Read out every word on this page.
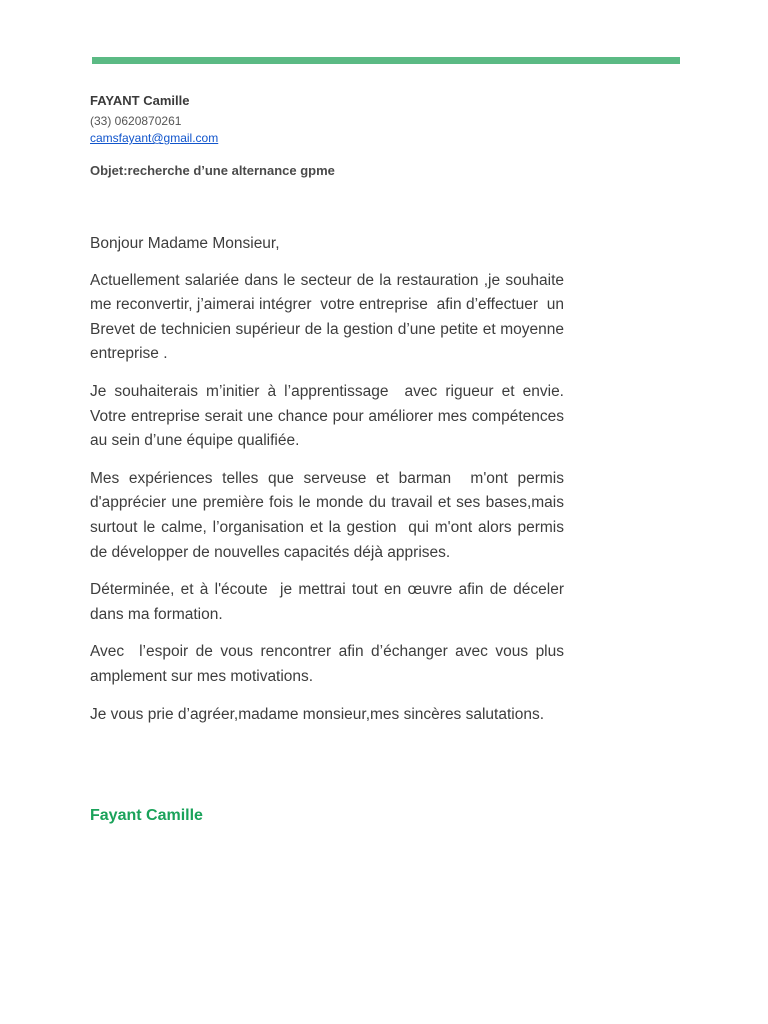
FAYANT Camille
(33) 0620870261
camsfayant@gmail.com
Objet:recherche d’une alternance gpme

Bonjour Madame Monsieur,

Actuellement salariée dans le secteur de la restauration ,je souhaite me reconvertir, j’aimerai intégrer  votre entreprise  afin d’effectuer  un Brevet de technicien supérieur de la gestion d’une petite et moyenne entreprise .

Je souhaiterais m’initier à l’apprentissage  avec rigueur et envie. Votre entreprise serait une chance pour améliorer mes compétences   au sein d’une équipe qualifiée.

Mes expériences telles que serveuse et barman  m'ont permis d'apprécier une première fois le monde du travail et ses bases,mais surtout le calme, l’organisation et la gestion  qui m'ont alors permis de développer de nouvelles capacités déjà apprises.

Déterminée, et à l'écoute  je mettrai tout en œuvre afin de déceler dans ma formation.

Avec  l’espoir de vous rencontrer afin d’échanger avec vous plus amplement sur mes motivations.

Je vous prie d’agréer,madame monsieur,mes sincères salutations.

Fayant Camille
